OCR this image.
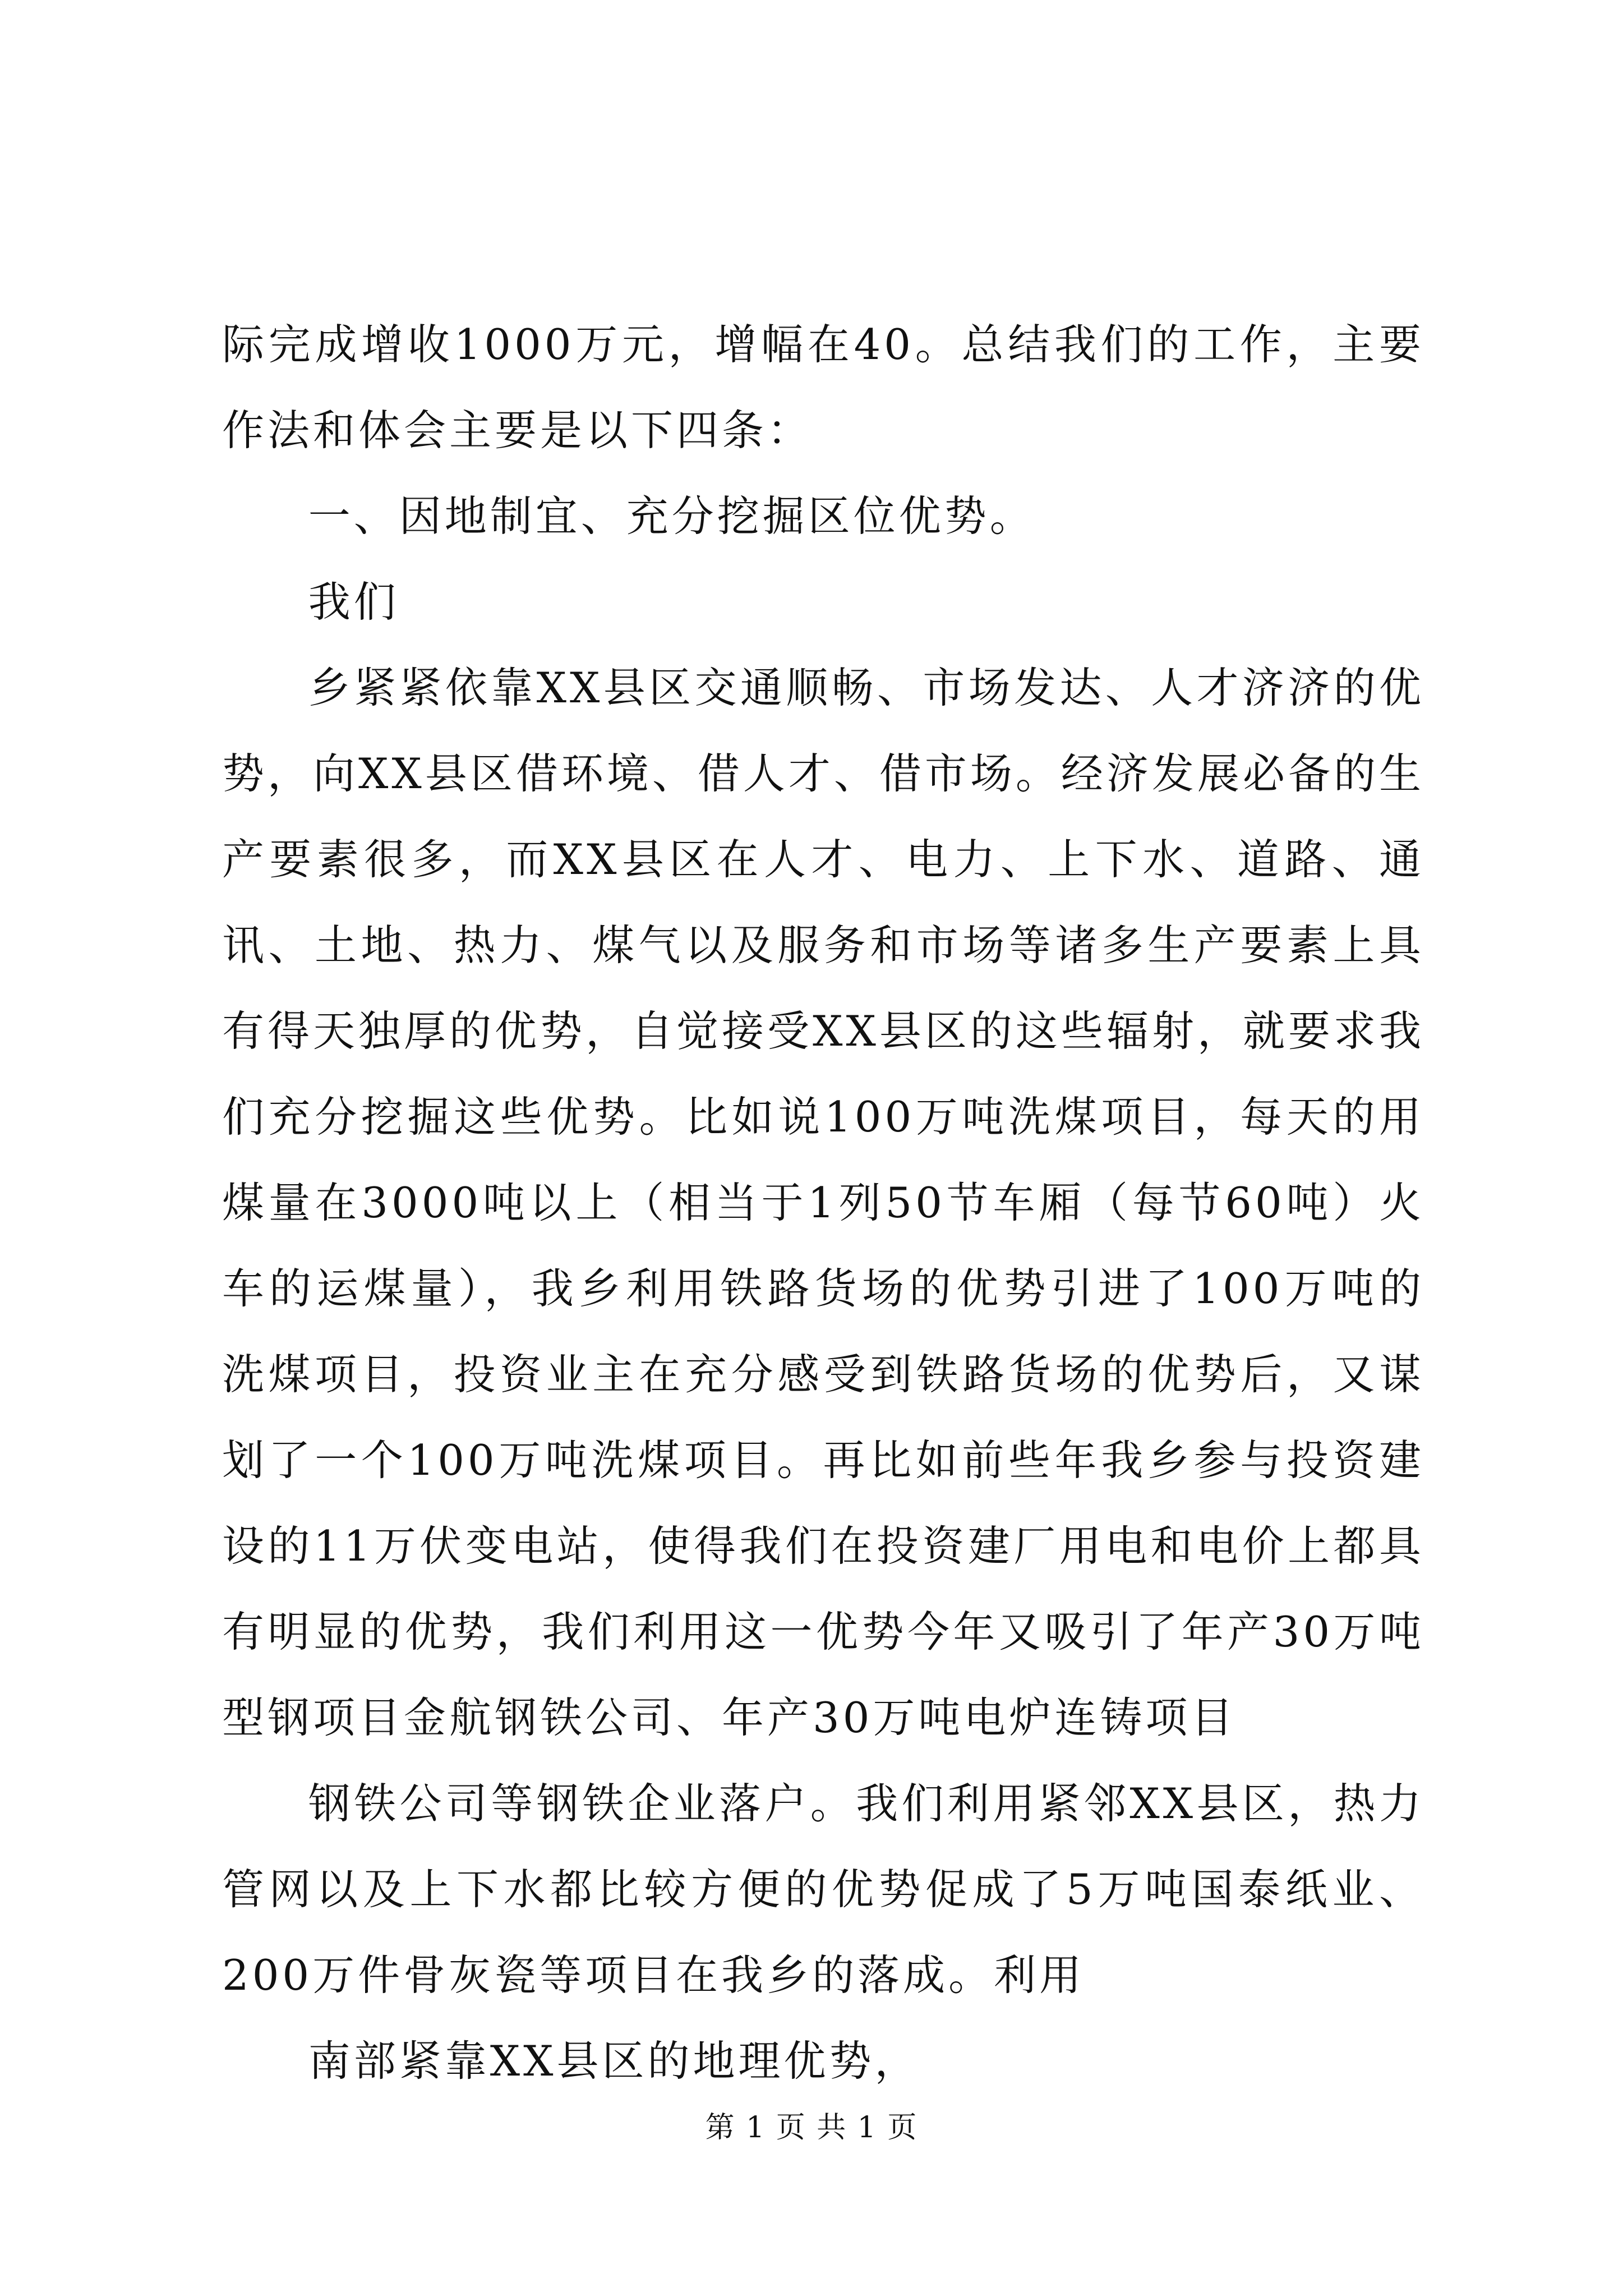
际完成增收1000万元，增幅在40。总结我们的工作，主要作法和体会主要是以下四条：

一、因地制宜、充分挖掘区位优势。

我们

乡紧紧依靠XX县区交通顺畅、市场发达、人才济济的优势，向XX县区借环境、借人才、借市场。经济发展必备的生产要素很多，而XX县区在人才、电力、上下水、道路、通讯、土地、热力、煤气以及服务和市场等诸多生产要素上具有得天独厚的优势，自觉接受XX县区的这些辐射，就要求我们充分挖掘这些优势。比如说100万吨洗煤项目，每天的用煤量在3000吨以上（相当于1列50节车厢（每节60吨）火车的运煤量），我乡利用铁路货场的优势引进了100万吨的洗煤项目，投资业主在充分感受到铁路货场的优势后，又谋划了一个100万吨洗煤项目。再比如前些年我乡参与投资建设的11万伏变电站，使得我们在投资建厂用电和电价上都具有明显的优势，我们利用这一优势今年又吸引了年产30万吨型钢项目金航钢铁公司、年产30万吨电炉连铸项目

钢铁公司等钢铁企业落户。我们利用紧邻XX县区，热力管网以及上下水都比较方便的优势促成了5万吨国泰纸业、200万件骨灰瓷等项目在我乡的落成。利用

南部紧靠XX县区的地理优势，

第 1 页 共 1 页
